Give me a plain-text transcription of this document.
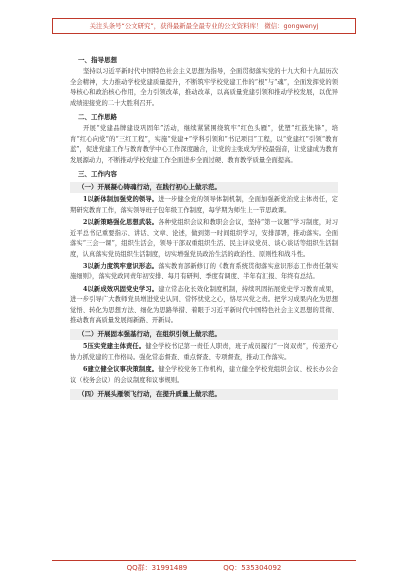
关注头条号“公文研究”，获得最新最全最专业的公文资料库！ 微信：gongwenyj
一、指导思想

坚持以习近平新时代中国特色社会主义思想为指导，全面贯彻落实党的十九大和十九届历次全会精神，大力推动学校党建质量提升，不断筑牢学校党建工作的“根”与“魂”，全面发挥党的领导核心和政治核心作用，全力引领改革，推动改革，以高质量党建引领和推动学校发展，以优异成绩迎接党的二十大胜利召开。

二、工作思路

开展“党建品牌建设巩固年”活动，继续紧紧围绕筑牢“红色头雁”，优塑“红鼓先锋”，培育“红心向党”的“三红工程”，实施“党建+”学科引领和“书记项目”工程，以“党建红”引领“教育蓝”，促进党建工作与教育教学中心工作深度融合，让党的主张成为学校最强音，让党建成为教育发展源动力，不断推动学校党建工作全面进步全面过硬、教育教学质量全面提高。

三、工作内容
（一）开展凝心铸魂行动，在践行初心上做示范。

1以新体制加强党的领导。进一步健全党的领导体制机制，全面加强新党治党主体责任，定期研究教育工作，落实领导班子包年级工作制度，每学期为师生上一节思政课。

2以新策略强化思想武装。各种党组织会议和教职会会议，坚持“第一议题”学习制度，对习近平总书记重要指示、讲话、文章、论述，做到第一时间组织学习，安排部署，推动落实。全面落实“三会一课”，组织生活会，领导干部双重组织生活、民主评议党员、谈心谈话等组织生活制度，认真落实党员组织生活制度，切实增强党员政治生活的政治性、原则性和战斗性。

3以新力度筑牢意识形态。落实教育部新修订的《教育系统贯彻落实意识形态工作责任制实施细则》，落实党政同责年初安排、每月有研判、季度有调度、半年有汇报、年终有总结。

4以新成效巩固党史学习。建立常态化长效化制度机制，持续巩固拓展党史学习教育成果，进一步引导广大教师党员增进党史认同、常怀忧党之心，恪尽兴党之责。把学习成果内化为思想觉悟、转化为思想方法、细化为思路举措、着眼于习近平新时代中国特色社会主义思想的贯彻、推动教育高质量发展闯新路、开新局。

（二）开展固本强基行动，在组织引领上做示范。

5压实党建主体责任。健全学校书记第一责任人职责，班子成员履行“一岗双责”，传递齐心协力抓党建的工作格局。强化常态督查、重点督查、专项督查，推动工作落实。

6建立健全议事决策制度。健全学校党务工作机构，建立健全学校党组织会议、校长办公会议（校务会议）的会议制度和议事规则。

（四）开展头雁领飞行动，在提升质量上做示范。
QQ群：31991489	QQ：535304092
